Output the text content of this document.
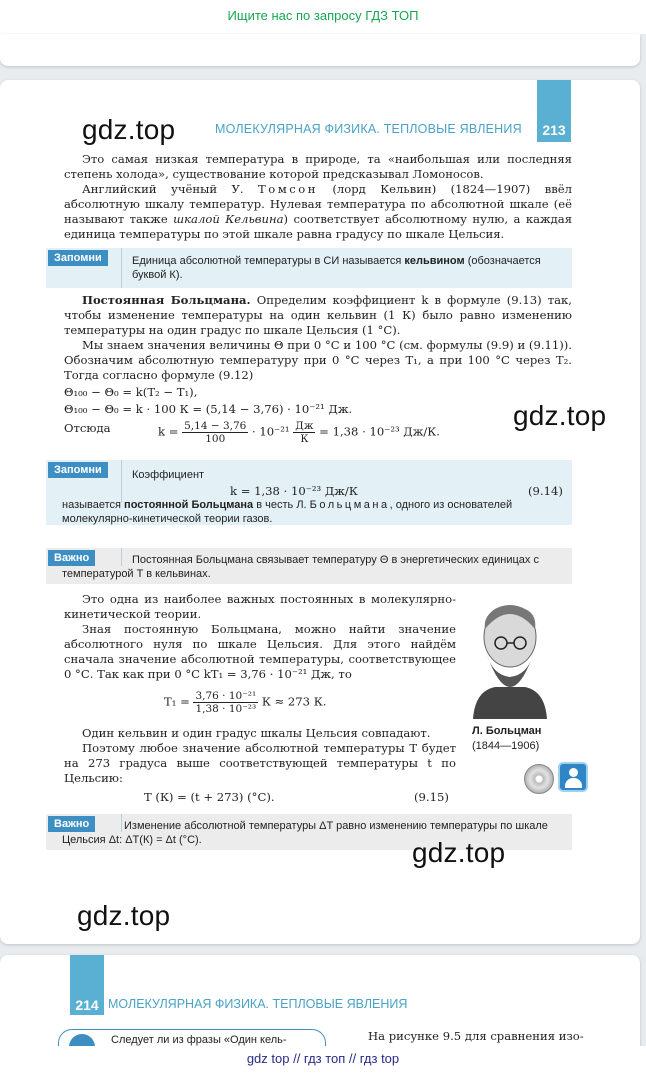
Ищите нас по запросу ГДЗ ТОП
213
МОЛЕКУЛЯРНАЯ ФИЗИКА. ТЕПЛОВЫЕ ЯВЛЕНИЯ
gdz.top
Это самая низкая температура в природе, та «наибольшая или последняя степень холода», существование которой предсказывал Ломоносов.
Английский учёный У. Томсон (лорд Кельвин) (1824—1907) ввёл абсолютную шкалу температур. Нулевая температура по абсолютной шкале (её называют также шкалой Кельвина) соответствует абсолютному нулю, а каждая единица температуры по этой шкале равна градусу по шкале Цельсия.
Запомни	Единица абсолютной температуры в СИ называется кельвином (обозначается буквой К).
Постоянная Больцмана. Определим коэффициент k в формуле (9.13) так, чтобы изменение температуры на один кельвин (1 К) было равно изменению температуры на один градус по шкале Цельсия (1 °С).
Мы знаем значения величины Θ при 0 °С и 100 °С (см. формулы (9.9) и (9.11)). Обозначим абсолютную температуру при 0 °С через T₁, а при 100 °С через T₂. Тогда согласно формуле (9.12)
Θ₁₀₀ − Θ₀ = k(T₂ − T₁),
Θ₁₀₀ − Θ₀ = k · 100 К = (5,14 − 3,76) · 10⁻²¹ Дж.
Отсюда	$k = \frac{5,14 - 3,76}{100} \cdot 10^{-21} \frac{Дж}{К} = 1,38 \cdot 10^{-23}$ Дж/К.
gdz.top
Запомни	Коэффициент
k = 1,38 · 10⁻²³ Дж/К	(9.14)
называется постоянной Больцмана в честь Л. Больцмана, одного из основателей молекулярно-кинетической теории газов.
Важно	Постоянная Больцмана связывает температуру Θ в энергетических единицах с температурой T в кельвинах.
Это одна из наиболее важных постоянных в молекулярно-кинетической теории.
Зная постоянную Больцмана, можно найти значение абсолютного нуля по шкале Цельсия. Для этого найдём сначала значение абсолютной температуры, соответствующее 0 °С. Так как при 0 °С kT₁ = 3,76 · 10⁻²¹ Дж, то
$T_1 = \frac{\text{3,76 · 10⁻²¹}}{\text{1,38 · 10⁻²³}}$ К ≈ 273 К.
Один кельвин и один градус шкалы Цельсия совпадают.
Поэтому любое значение абсолютной температуры T будет на 273 градуса выше соответствующей температуры t по Цельсию:
T (К) = (t + 273) (°С).	(9.15)
Л. Больцман
(1844—1906)
Важно	Изменение абсолютной температуры ΔT равно изменению температуры по шкале Цельсия Δt: ΔT(К) = Δt (°С).	gdz.top
gdz.top
214 МОЛЕКУЛЯРНАЯ ФИЗИКА. ТЕПЛОВЫЕ ЯВЛЕНИЯ
Следует ли из фразы «Один кель-	На рисунке 9.5 для сравнения изо-
gdz top // гдз топ // гдз top
